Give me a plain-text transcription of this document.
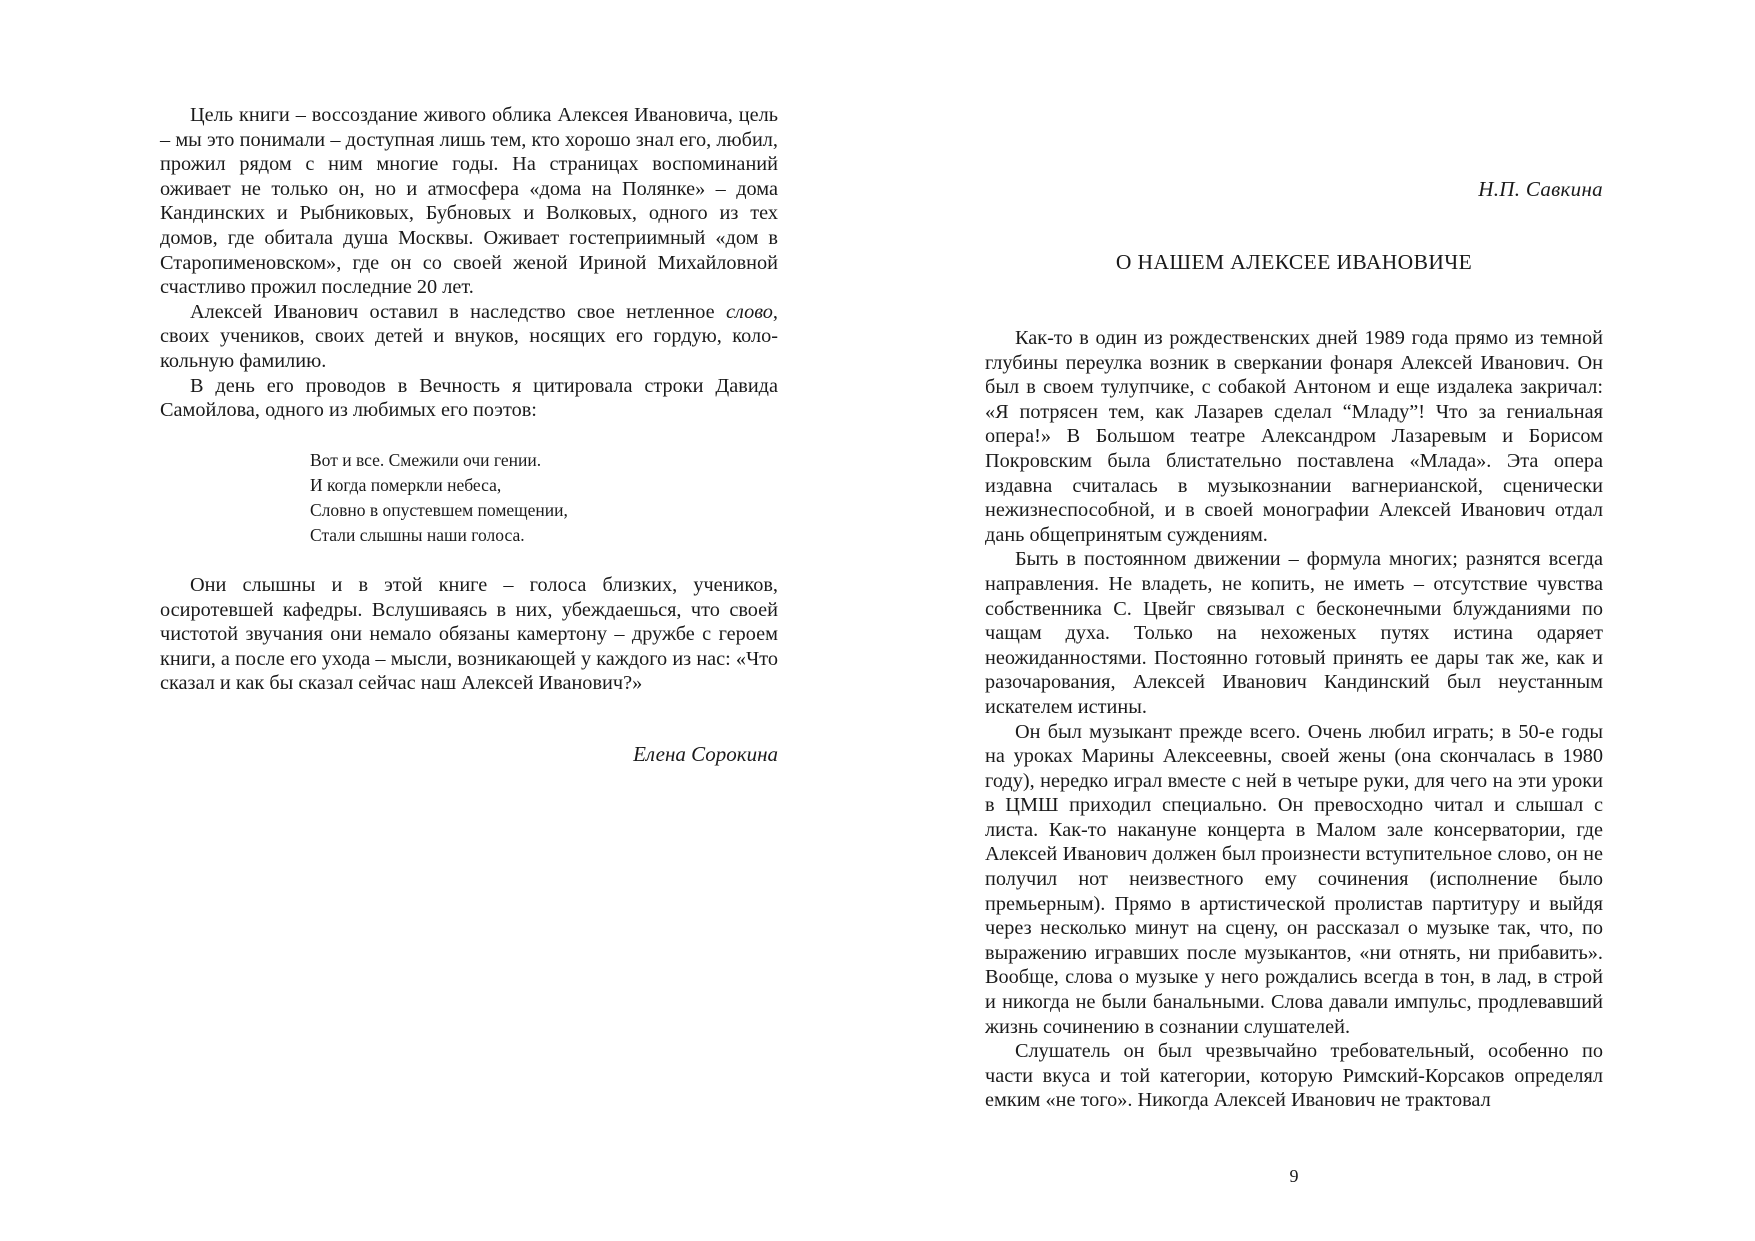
Цель книги – воссоздание живого облика Алексея Ивановича, цель – мы это понимали – доступная лишь тем, кто хорошо знал его, любил, прожил рядом с ним многие годы. На страницах воспоминаний оживает не только он, но и атмосфера «дома на Полянке» – дома Кандинских и Рыбниковых, Бубновых и Волковых, одного из тех домов, где обитала душа Москвы. Оживает гостеприимный «дом в Старопименовском», где он со своей женой Ириной Михайловной счастливо прожил последние 20 лет.

Алексей Иванович оставил в наследство свое нетленное слово, своих учеников, своих детей и внуков, носящих его гордую, колокольную фамилию.

В день его проводов в Вечность я цитировала строки Давида Самойлова, одного из любимых его поэтов:

Вот и все. Смежили очи гении.
И когда померкли небеса,
Словно в опустевшем помещении,
Стали слышны наши голоса.

Они слышны и в этой книге – голоса близких, учеников, осиротевшей кафедры. Вслушиваясь в них, убеждаешься, что своей чистотой звучания они немало обязаны камертону – дружбе с героем книги, а после его ухода – мысли, возникающей у каждого из нас: «Что сказал и как бы сказал сейчас наш Алексей Иванович?»

Елена Сорокина
Н.П. Савкина
О НАШЕМ АЛЕКСЕЕ ИВАНОВИЧЕ

Как-то в один из рождественских дней 1989 года прямо из темной глубины переулка возник в сверкании фонаря Алексей Иванович. Он был в своем тулупчике, с собакой Антоном и еще издалека закричал: «Я потрясен тем, как Лазарев сделал “Младу”! Что за гениальная опера!» В Большом театре Александром Лазаревым и Борисом Покровским была блистательно поставлена «Млада». Эта опера издавна считалась в музыкознании вагнерианской, сценически нежизнеспособной, и в своей монографии Алексей Иванович отдал дань общепринятым суждениям.

Быть в постоянном движении – формула многих; разнятся всегда направления. Не владеть, не копить, не иметь – отсутствие чувства собственника С. Цвейг связывал с бесконечными блужданиями по чащам духа. Только на нехоженых путях истина одаряет неожиданностями. Постоянно готовый принять ее дары так же, как и разочарования, Алексей Иванович Кандинский был неустанным искателем истины.

Он был музыкант прежде всего. Очень любил играть; в 50-е годы на уроках Марины Алексеевны, своей жены (она скончалась в 1980 году), нередко играл вместе с ней в четыре руки, для чего на эти уроки в ЦМШ приходил специально. Он превосходно читал и слышал с листа. Как-то накануне концерта в Малом зале консерватории, где Алексей Иванович должен был произнести вступительное слово, он не получил нот неизвестного ему сочинения (исполнение было премьерным). Прямо в артистической пролистав партитуру и выйдя через несколько минут на сцену, он рассказал о музыке так, что, по выражению игравших после музыкантов, «ни отнять, ни прибавить». Вообще, слова о музыке у него рождались всегда в тон, в лад, в строй и никогда не были банальными. Слова давали импульс, продлевавший жизнь сочинению в сознании слушателей.

Слушатель он был чрезвычайно требовательный, особенно по части вкуса и той категории, которую Римский-Корсаков определял емким «не того». Никогда Алексей Иванович не трактовал

9
